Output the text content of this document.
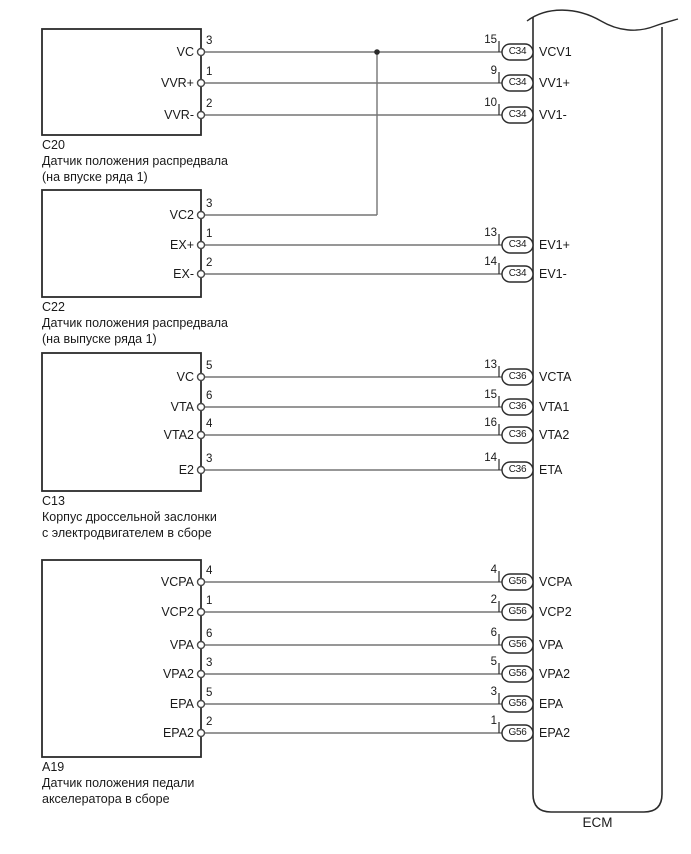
ECM
C20
Датчик положения распредвала
(на впуске ряда 1)
3
VC
15
C34	VCV1
1
VVR+
9
C34	VV1+
2
VVR-
10
C34	VV1-
C22
Датчик положения распредвала
(на выпуске ряда 1)
3
VC2
1
EX+
13
C34	EV1+
2
EX-
14
C34	EV1-
C13
Корпус дроссельной заслонки
с электродвигателем в сборе
5
VC
13
C36	VCTA
6
VTA
15
C36	VTA1
4
VTA2
16
C36	VTA2
3
E2
14
C36	ETA
A19
Датчик положения педали
акселератора в сборе
4
VCPA
4
G56	VCPA
1
VCP2
2
G56	VCP2
6
VPA
6
G56	VPA
3
VPA2
5
G56	VPA2
5
EPA
3
G56	EPA
2
EPA2
1
G56	EPA2
